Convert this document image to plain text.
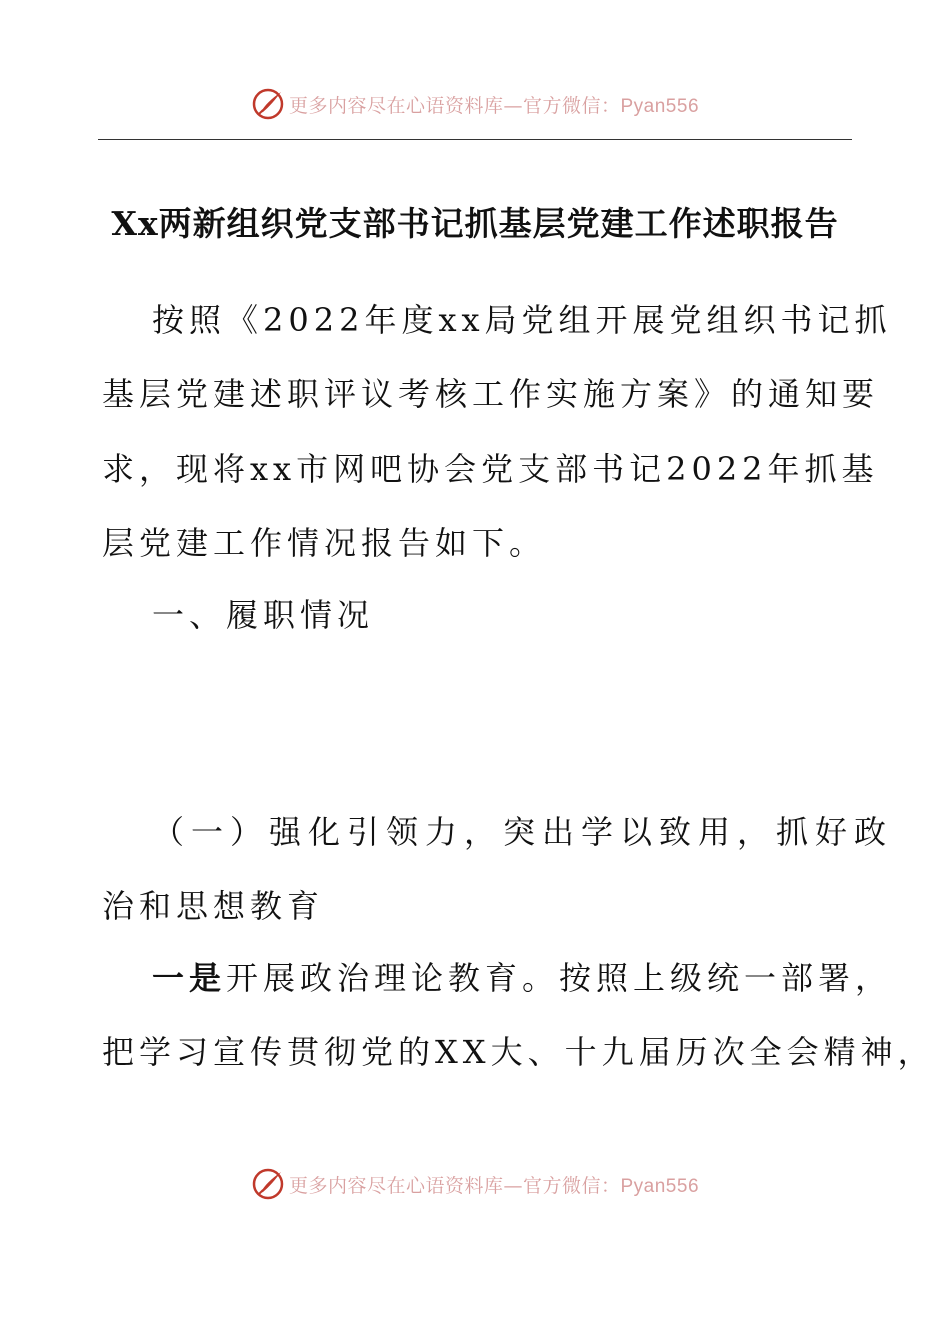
更多内容尽在心语资料库—官方微信：Pyan556
Xx两新组织党支部书记抓基层党建工作述职报告
按照《2022年度xx局党组开展党组织书记抓
基层党建述职评议考核工作实施方案》的通知要
求，现将xx市网吧协会党支部书记2022年抓基
层党建工作情况报告如下。
一、履职情况
（一）强化引领力，突出学以致用，抓好政
治和思想教育
一是开展政治理论教育。按照上级统一部署，
把学习宣传贯彻党的XX大、十九届历次全会精神，
更多内容尽在心语资料库—官方微信：Pyan556
